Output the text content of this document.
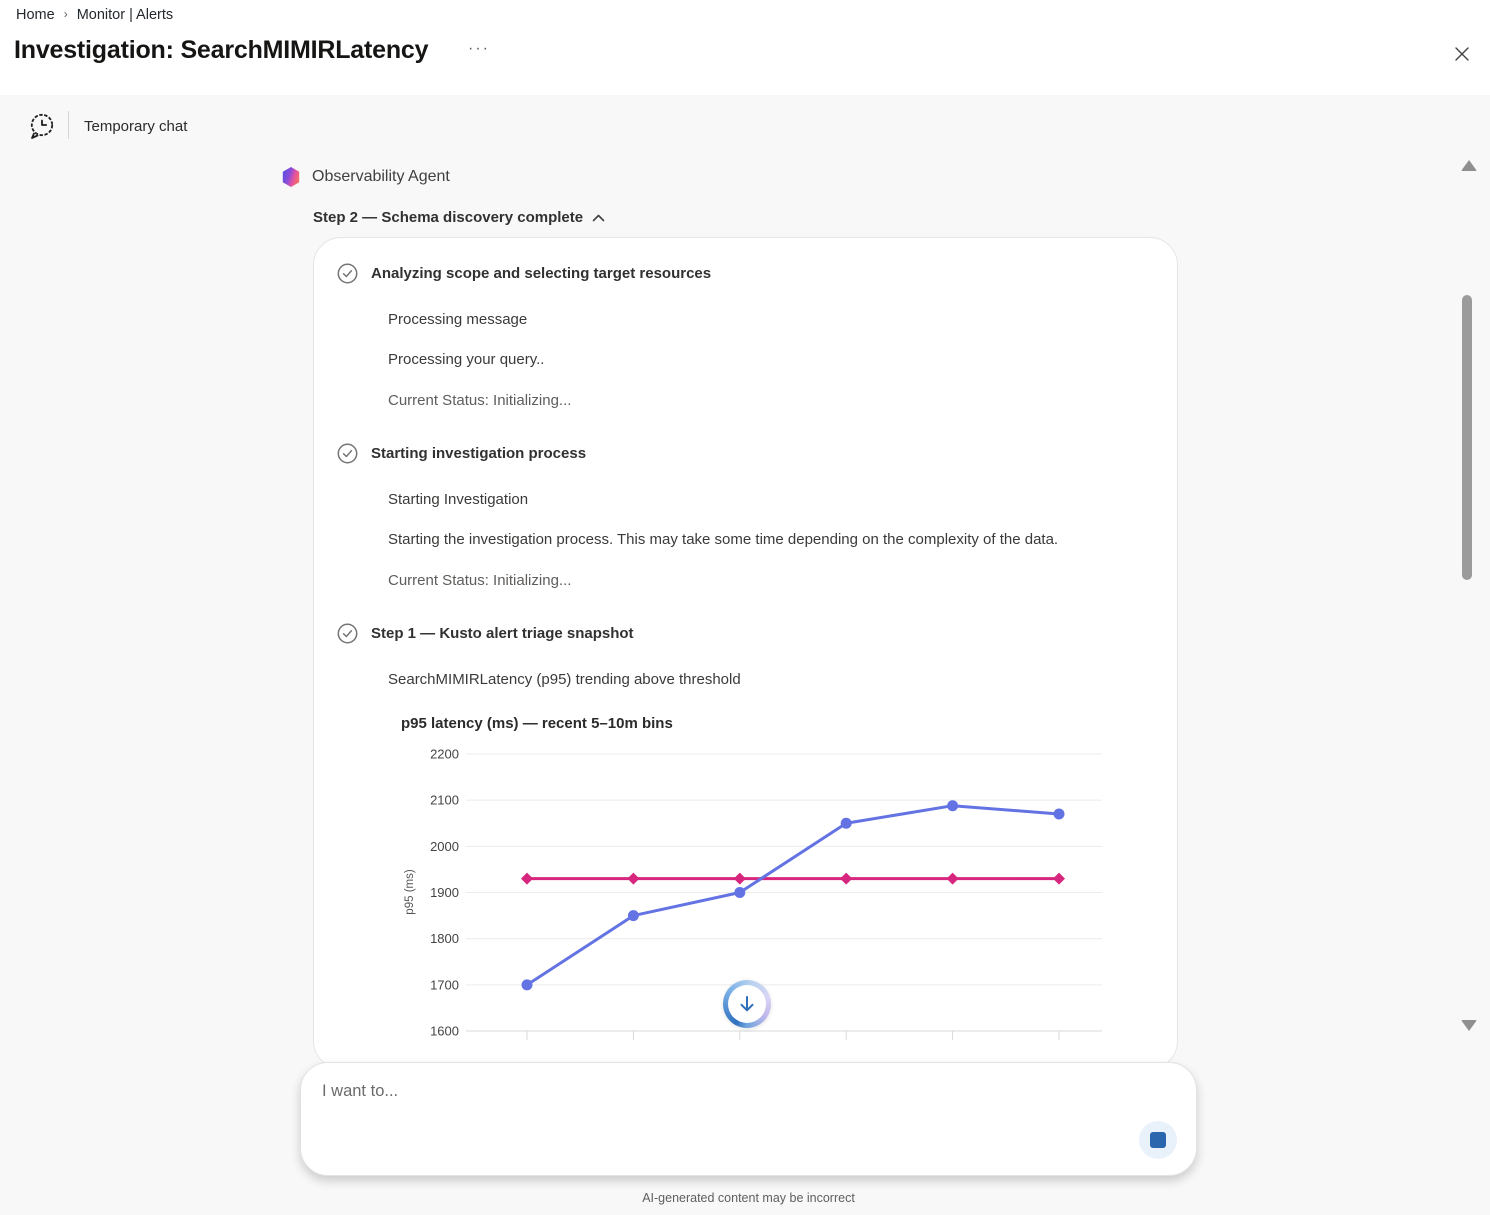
Home › Monitor | Alerts
Investigation: SearchMIMIRLatency ···
Temporary chat
Observability Agent
Step 2 — Schema discovery complete
Analyzing scope and selecting target resources
Processing message
Processing your query..
Current Status: Initializing...
Starting investigation process
Starting Investigation
Starting the investigation process. This may take some time depending on the complexity of the data.
Current Status: Initializing...
Step 1 — Kusto alert triage snapshot
SearchMIMIRLatency (p95) trending above threshold
p95 latency (ms) — recent 5–10m bins
1600
1700
1800
1900
2000
2100
2200
p95 (ms)
I want to...
AI-generated content may be incorrect
